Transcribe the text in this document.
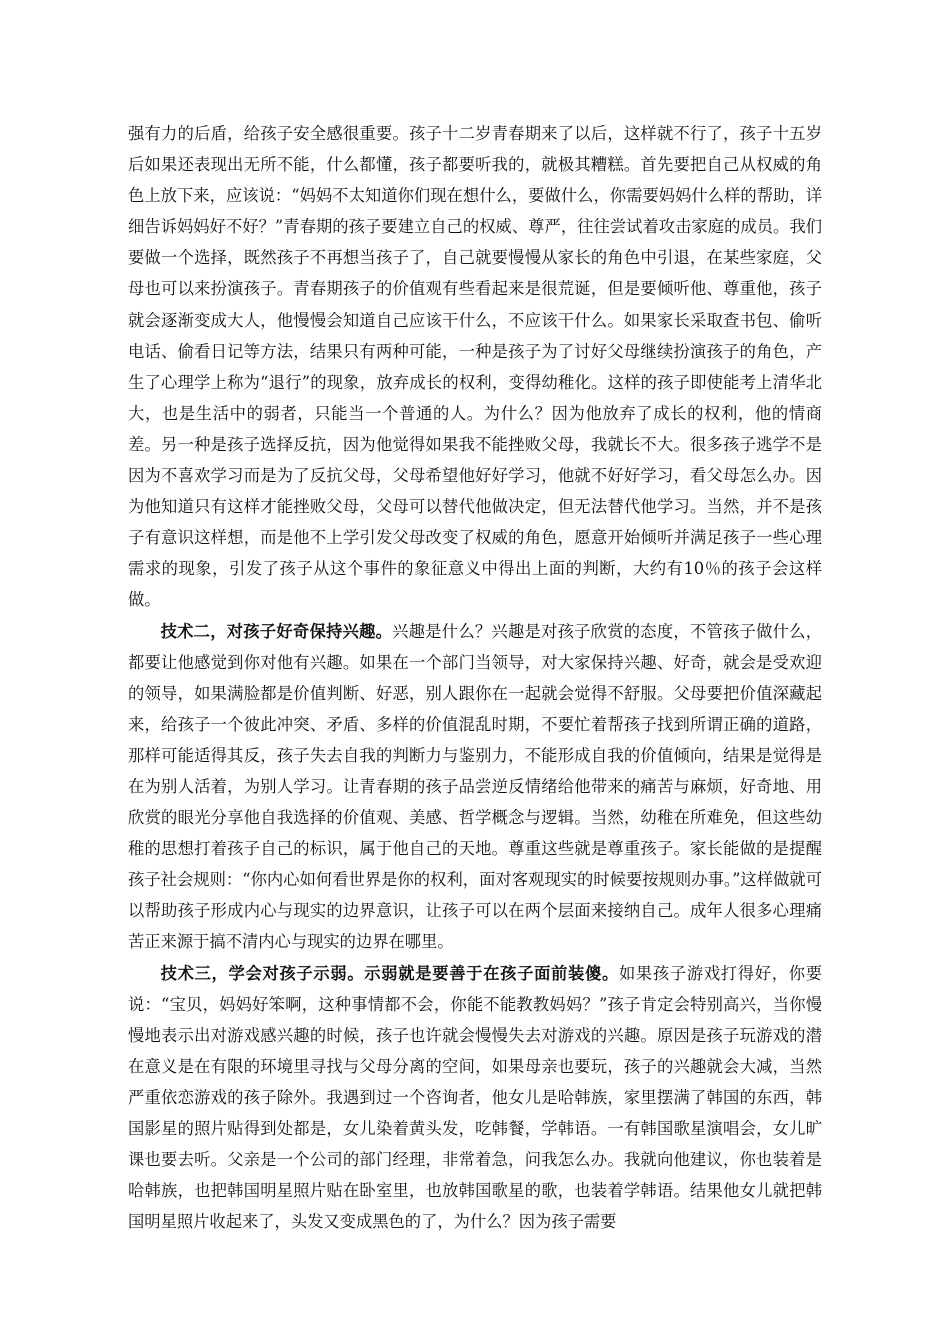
强有力的后盾，给孩子安全感很重要。孩子十二岁青春期来了以后，这样就不行了，孩子十五岁后如果还表现出无所不能，什么都懂，孩子都要听我的，就极其糟糕。首先要把自己从权威的角色上放下来，应该说：“妈妈不太知道你们现在想什么，要做什么，你需要妈妈什么样的帮助，详细告诉妈妈好不好？”青春期的孩子要建立自己的权威、尊严，往往尝试着攻击家庭的成员。我们要做一个选择，既然孩子不再想当孩子了，自己就要慢慢从家长的角色中引退，在某些家庭，父母也可以来扮演孩子。青春期孩子的价值观有些看起来是很荒诞，但是要倾听他、尊重他，孩子就会逐渐变成大人，他慢慢会知道自己应该干什么，不应该干什么。如果家长采取查书包、偷听电话、偷看日记等方法，结果只有两种可能，一种是孩子为了讨好父母继续扮演孩子的角色，产生了心理学上称为“退行”的现象，放弃成长的权利，变得幼稚化。这样的孩子即使能考上清华北大，也是生活中的弱者，只能当一个普通的人。为什么？因为他放弃了成长的权利，他的情商差。另一种是孩子选择反抗，因为他觉得如果我不能挫败父母，我就长不大。很多孩子逃学不是因为不喜欢学习而是为了反抗父母，父母希望他好好学习，他就不好好学习，看父母怎么办。因为他知道只有这样才能挫败父母，父母可以替代他做决定，但无法替代他学习。当然，并不是孩子有意识这样想，而是他不上学引发父母改变了权威的角色，愿意开始倾听并满足孩子一些心理需求的现象，引发了孩子从这个事件的象征意义中得出上面的判断，大约有10％的孩子会这样做。

技术二，对孩子好奇保持兴趣。兴趣是什么？兴趣是对孩子欣赏的态度，不管孩子做什么，都要让他感觉到你对他有兴趣。如果在一个部门当领导，对大家保持兴趣、好奇，就会是受欢迎的领导，如果满脸都是价值判断、好恶，别人跟你在一起就会觉得不舒服。父母要把价值深藏起来，给孩子一个彼此冲突、矛盾、多样的价值混乱时期，不要忙着帮孩子找到所谓正确的道路，那样可能适得其反，孩子失去自我的判断力与鉴别力，不能形成自我的价值倾向，结果是觉得是在为别人活着，为别人学习。让青春期的孩子品尝逆反情绪给他带来的痛苦与麻烦，好奇地、用欣赏的眼光分享他自我选择的价值观、美感、哲学概念与逻辑。当然，幼稚在所难免，但这些幼稚的思想打着孩子自己的标识，属于他自己的天地。尊重这些就是尊重孩子。家长能做的是提醒孩子社会规则：“你内心如何看世界是你的权利，面对客观现实的时候要按规则办事。”这样做就可以帮助孩子形成内心与现实的边界意识，让孩子可以在两个层面来接纳自己。成年人很多心理痛苦正来源于搞不清内心与现实的边界在哪里。

技术三，学会对孩子示弱。示弱就是要善于在孩子面前装傻。如果孩子游戏打得好，你要说：“宝贝，妈妈好笨啊，这种事情都不会，你能不能教教妈妈？”孩子肯定会特别高兴，当你慢慢地表示出对游戏感兴趣的时候，孩子也许就会慢慢失去对游戏的兴趣。原因是孩子玩游戏的潜在意义是在有限的环境里寻找与父母分离的空间，如果母亲也要玩，孩子的兴趣就会大减，当然严重依恋游戏的孩子除外。我遇到过一个咨询者，他女儿是哈韩族，家里摆满了韩国的东西，韩国影星的照片贴得到处都是，女儿染着黄头发，吃韩餐，学韩语。一有韩国歌星演唱会，女儿旷课也要去听。父亲是一个公司的部门经理，非常着急，问我怎么办。我就向他建议，你也装着是哈韩族，也把韩国明星照片贴在卧室里，也放韩国歌星的歌，也装着学韩语。结果他女儿就把韩国明星照片收起来了，头发又变成黑色的了，为什么？因为孩子需要
